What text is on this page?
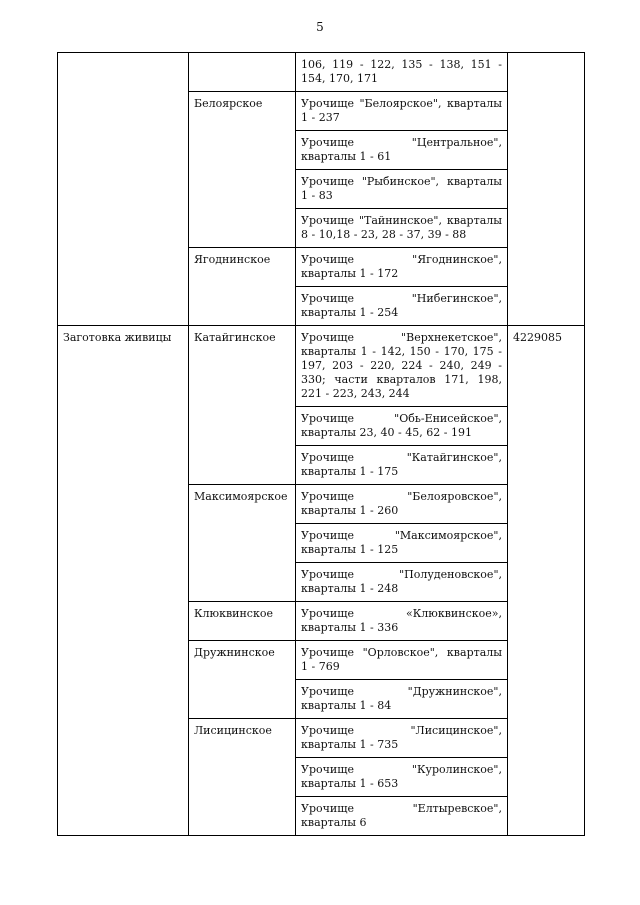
5
		106, 119 - 122, 135 - 138, 151 - 154, 170, 171	
	Белоярское	Урочище "Белоярское", кварталы 1 - 237	
		Урочище "Центральное", кварталы 1 - 61	
		Урочище "Рыбинское", кварталы 1 - 83	
		Урочище "Тайнинское", кварталы 8 - 10,18 - 23, 28 - 37, 39 - 88	
	Ягоднинское	Урочище "Ягоднинское", кварталы 1 - 172	
		Урочище "Нибегинское", кварталы 1 - 254	
Заготовка живицы	Катайгинское	Урочище "Верхнекетское", кварталы 1 - 142, 150 - 170, 175 - 197, 203 - 220, 224 - 240, 249 - 330; части кварталов 171, 198, 221 - 223, 243, 244	4229085
		Урочище "Обь-Енисейское", кварталы 23, 40 - 45, 62 - 191	
		Урочище "Катайгинское", кварталы 1 - 175	
	Максимоярское	Урочище "Белояровское", кварталы 1 - 260	
		Урочище "Максимоярское", кварталы 1 - 125	
		Урочище "Полуденовское", кварталы 1 - 248	
	Клюквинское	Урочище «Клюквинское», кварталы 1 - 336	
	Дружнинское	Урочище "Орловское", кварталы 1 - 769	
		Урочище "Дружнинское", кварталы 1 - 84	
	Лисицинское	Урочище "Лисицинское", кварталы 1 - 735	
		Урочище "Куролинское", кварталы 1 - 653	
		Урочище "Елтыревское", кварталы 6	
